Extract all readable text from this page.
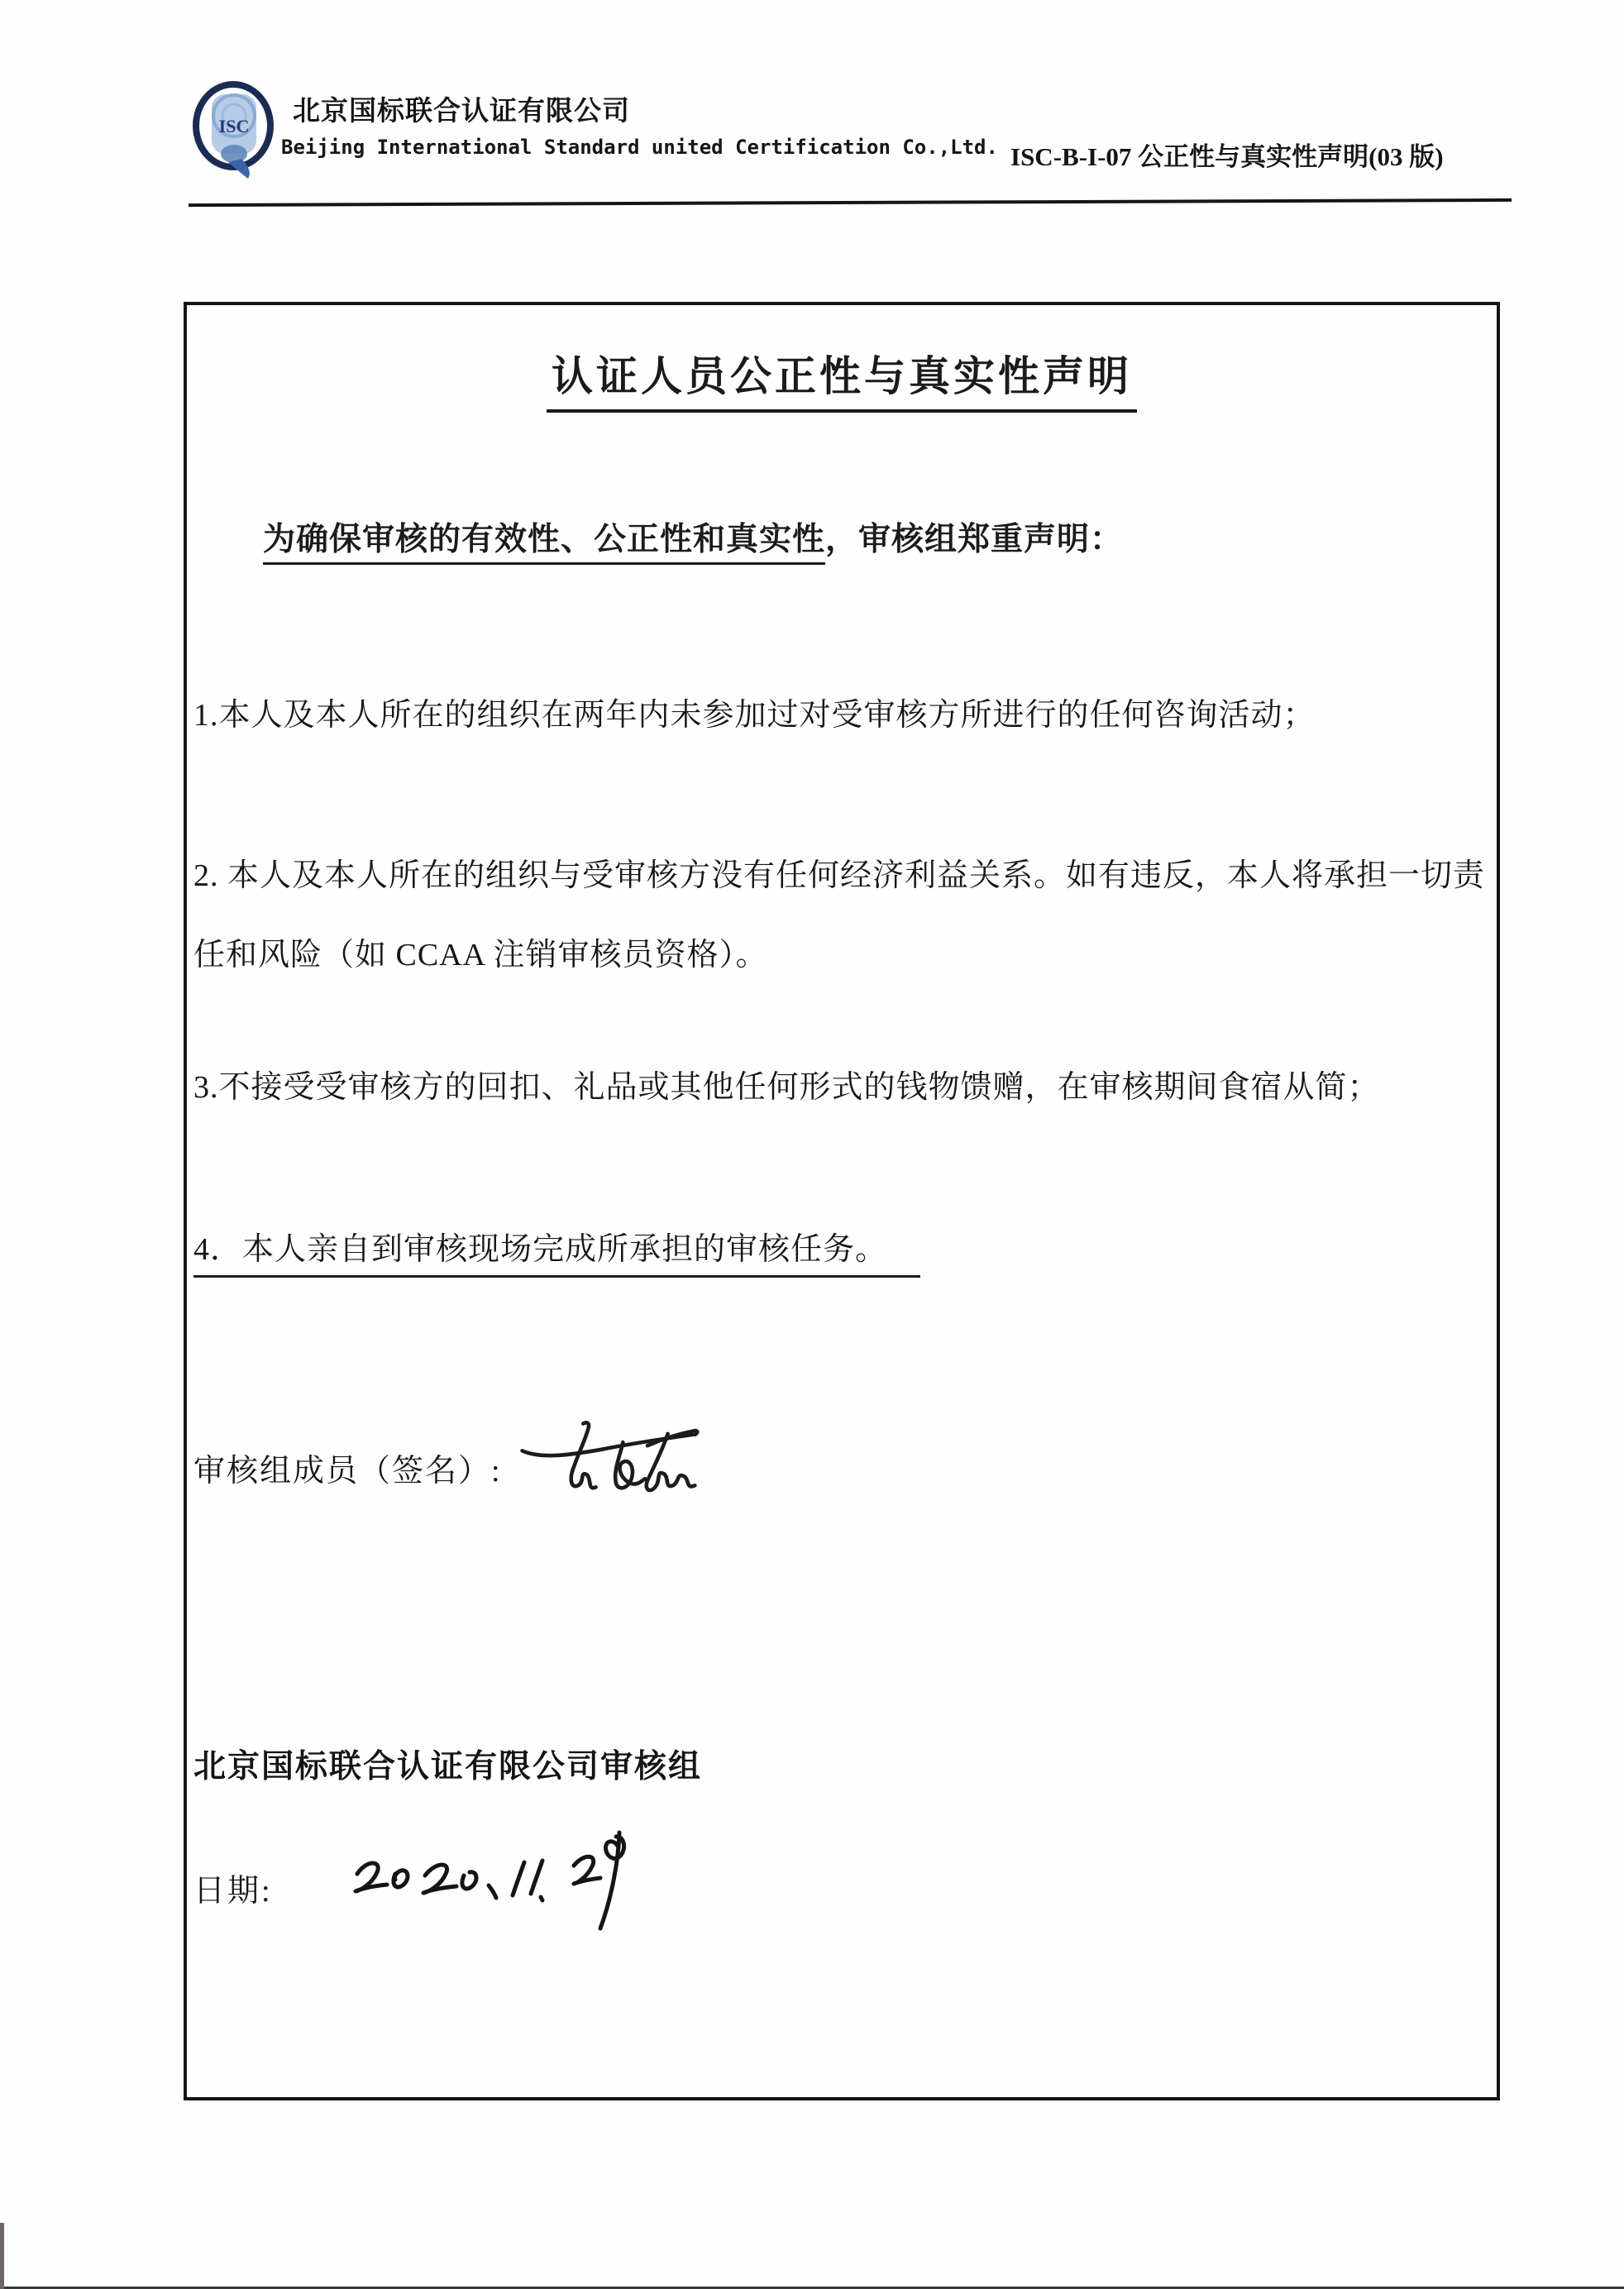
ISC 北京国标联合认证有限公司
Beijing International Standard united Certification Co.,Ltd. ISC-B-I-07 公正性与真实性声明(03 版)
认证人员公正性与真实性声明
为确保审核的有效性、公正性和真实性，审核组郑重声明：

1.本人及本人所在的组织在两年内未参加过对受审核方所进行的任何咨询活动；

2. 本人及本人所在的组织与受审核方没有任何经济利益关系。如有违反，本人将承担一切责任和风险（如 CCAA 注销审核员资格）。

3.不接受受审核方的回扣、礼品或其他任何形式的钱物馈赠，在审核期间食宿从简；

4．本人亲自到审核现场完成所承担的审核任务。

审核组成员（签名）:
北京国标联合认证有限公司审核组
日期:
